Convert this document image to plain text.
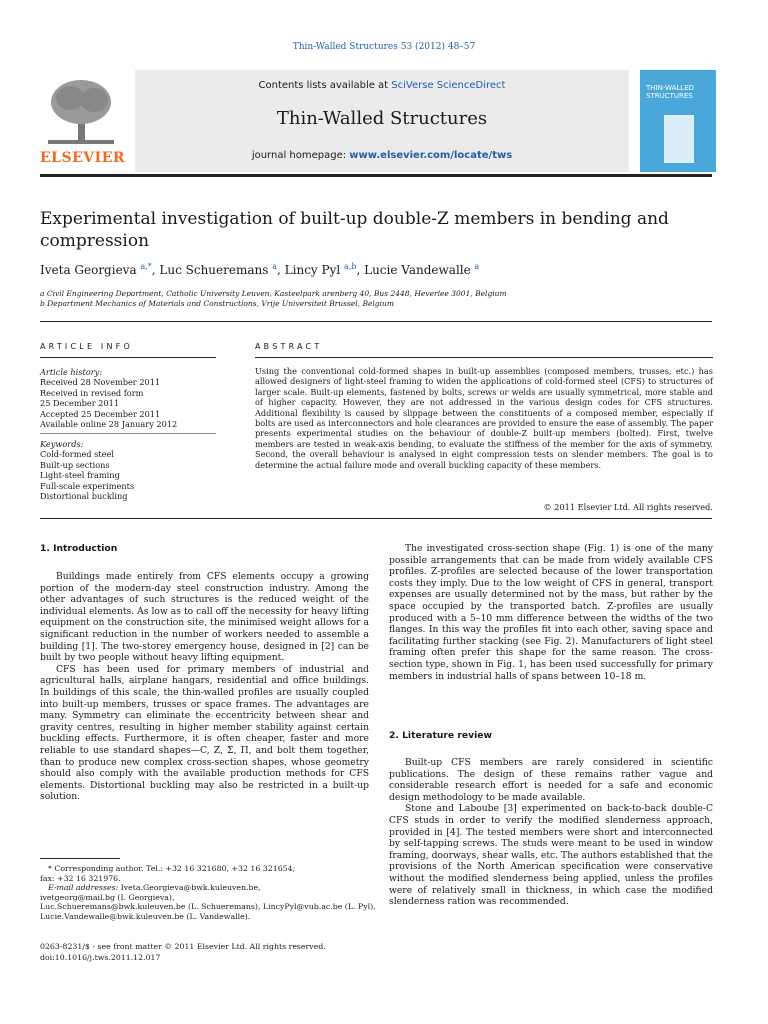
Thin-Walled Structures 53 (2012) 48–57
ELSEVIER
Contents lists available at SciVerse ScienceDirect
Thin-Walled Structures
journal homepage: www.elsevier.com/locate/tws
THIN-WALLED STRUCTURES
Experimental investigation of built-up double-Z members in bending and compression
Iveta Georgieva $^{a,*}$, Luc Schueremans $^a$, Lincy Pyl $^{a,b}$, Lucie Vandewalle $^a$
a Civil Engineering Department, Catholic University Leuven, Kasteelpark arenberg 40, Bus 2448, Heverlee 3001, Belgium
b Department Mechanics of Materials and Constructions, Vrije Universiteit Brussel, Belgium
ARTICLE INFO
Article history:
Received 28 November 2011
Received in revised form
25 December 2011
Accepted 25 December 2011
Available online 28 January 2012
Keywords:
Cold-formed steel
Built-up sections
Light-steel framing
Full-scale experiments
Distortional buckling
ABSTRACT
Using the conventional cold-formed shapes in built-up assemblies (composed members, trusses, etc.) has allowed designers of light-steel framing to widen the applications of cold-formed steel (CFS) to structures of larger scale. Built-up elements, fastened by bolts, screws or welds are usually symmetrical, more stable and of higher capacity. However, they are not addressed in the various design codes for CFS structures. Additional flexibility is caused by slippage between the constituents of a composed member, especially if bolts are used as interconnectors and hole clearances are provided to ensure the ease of assembly. The paper presents experimental studies on the behaviour of double-Z built-up members (bolted). First, twelve members are tested in weak-axis bending, to evaluate the stiffness of the member for the axis of symmetry. Second, the overall behaviour is analysed in eight compression tests on slender members. The goal is to determine the actual failure mode and overall buckling capacity of these members.
© 2011 Elsevier Ltd. All rights reserved.
1. Introduction

Buildings made entirely from CFS elements occupy a growing portion of the modern-day steel construction industry. Among the other advantages of such structures is the reduced weight of the individual elements. As low as to call off the necessity for heavy lifting equipment on the construction site, the minimised weight allows for a significant reduction in the number of workers needed to assemble a building [1]. The two-storey emergency house, designed in [2] can be built by two people without heavy lifting equipment.

CFS has been used for primary members of industrial and agricultural halls, airplane hangars, residential and office buildings. In buildings of this scale, the thin-walled profiles are usually coupled into built-up members, trusses or space frames. The advantages are many. Symmetry can eliminate the eccentricity between shear and gravity centres, resulting in higher member stability against certain buckling effects. Furthermore, it is often cheaper, faster and more reliable to use standard shapes—C, Z, Σ, Π, and bolt them together, than to produce new complex cross-section shapes, whose geometry should also comply with the available production methods for CFS elements. Distortional buckling may also be restricted in a built-up solution.

* Corresponding author. Tel.: +32 16 321680, +32 16 321654;
fax: +32 16 321976.
E-mail addresses: Iveta.Georgieva@bwk.kuleuven.be,
ivetgeorg@mail.bg (I. Georgieva),
Luc.Schueremans@bwk.kuleuven.be (L. Schueremans), LincyPyl@vub.ac.be (L. Pyl),
Lucie.Vandewalle@bwk.kuleuven.be (L. Vandewalle).
0263-8231/$ - see front matter © 2011 Elsevier Ltd. All rights reserved.
doi:10.1016/j.tws.2011.12.017

The investigated cross-section shape (Fig. 1) is one of the many possible arrangements that can be made from widely available CFS profiles. Z-profiles are selected because of the lower transportation costs they imply. Due to the low weight of CFS in general, transport expenses are usually determined not by the mass, but rather by the space occupied by the transported batch. Z-profiles are usually produced with a 5–10 mm difference between the widths of the two flanges. In this way the profiles fit into each other, saving space and facilitating further stacking (see Fig. 2). Manufacturers of light steel framing often prefer this shape for the same reason. The cross-section type, shown in Fig. 1, has been used successfully for primary members in industrial halls of spans between 10–18 m.

2. Literature review

Built-up CFS members are rarely considered in scientific publications. The design of these remains rather vague and considerable research effort is needed for a safe and economic design methodology to be made available.

Stone and Laboube [3] experimented on back-to-back double-C CFS studs in order to verify the modified slenderness approach, provided in [4]. The tested members were short and interconnected by self-tapping screws. The studs were meant to be used in window framing, doorways, shear walls, etc. The authors established that the provisions of the North American specification were conservative without the modified slenderness being applied, unless the profiles were of relatively small in thickness, in which case the modified slenderness ration was recommended.
